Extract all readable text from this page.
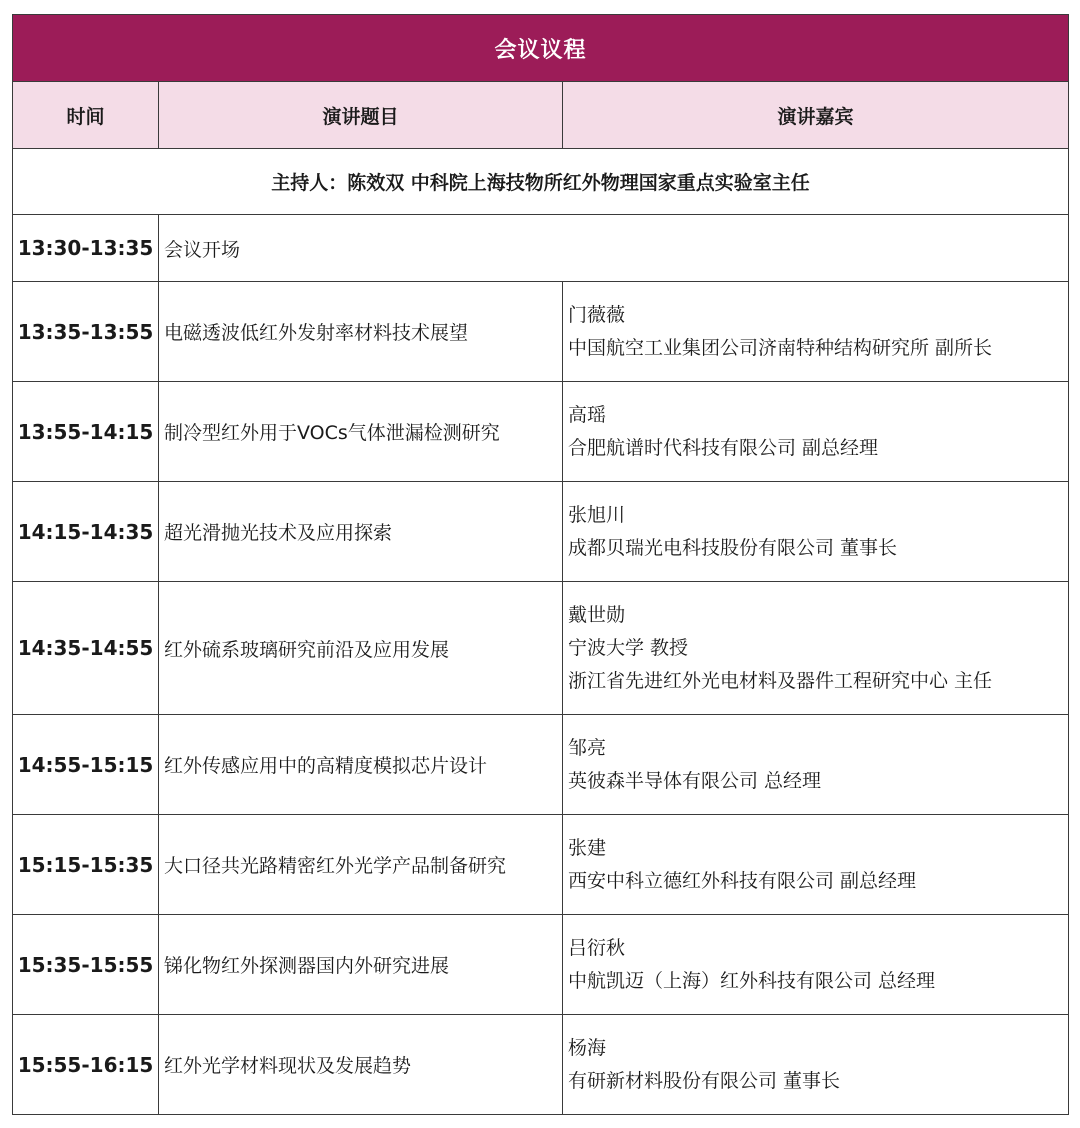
会议议程		
时间	演讲题目	演讲嘉宾
主持人：陈效双 中科院上海技物所红外物理国家重点实验室主任		
13:30-13:35	会议开场	
13:35-13:55	电磁透波低红外发射率材料技术展望	门薇薇
中国航空工业集团公司济南特种结构研究所 副所长

13:55-14:15	制冷型红外用于VOCs气体泄漏检测研究	高瑶
合肥航谱时代科技有限公司 副总经理

14:15-14:35	超光滑抛光技术及应用探索	张旭川
成都贝瑞光电科技股份有限公司 董事长

14:35-14:55	红外硫系玻璃研究前沿及应用发展	戴世勋
宁波大学 教授
浙江省先进红外光电材料及器件工程研究中心 主任

14:55-15:15	红外传感应用中的高精度模拟芯片设计	邹亮
英彼森半导体有限公司 总经理

15:15-15:35	大口径共光路精密红外光学产品制备研究	张建
西安中科立德红外科技有限公司 副总经理

15:35-15:55	锑化物红外探测器国内外研究进展	吕衍秋
中航凯迈（上海）红外科技有限公司 总经理

15:55-16:15	红外光学材料现状及发展趋势	杨海
有研新材料股份有限公司 董事长
